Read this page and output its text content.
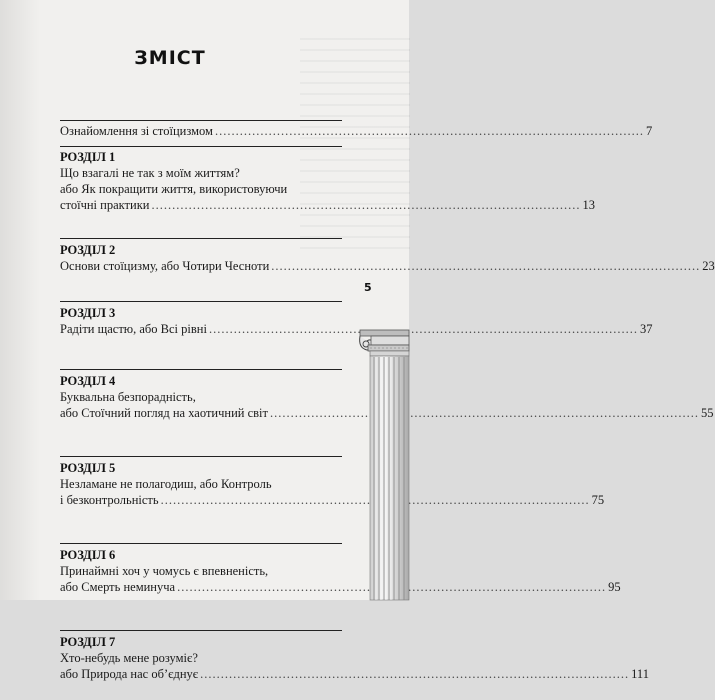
ЗМІСТ
Ознайомлення зі стоїцизмом .....	7
РОЗДІЛ 1
Що взагалі не так з моїм життям?
або Як покращити життя, використовуючи
стоїчні практики .....	13
РОЗДІЛ 2
Основи стоїцизму, або Чотири Чесноти .....	23
РОЗДІЛ 3
Радіти щастю, або Всі рівні .....	37
РОЗДІЛ 4
Буквальна безпорадність,
або Стоїчний погляд на хаотичний світ .....	55
РОЗДІЛ 5
Незламане не полагодиш, або Контроль
і безконтрольність .....	75
РОЗДІЛ 6
Принаймні хоч у чомусь є впевненість,
або Смерть неминуча .....	95
РОЗДІЛ 7
Хто-небудь мене розуміє?
або Природа нас об’єднує .....	111
5
